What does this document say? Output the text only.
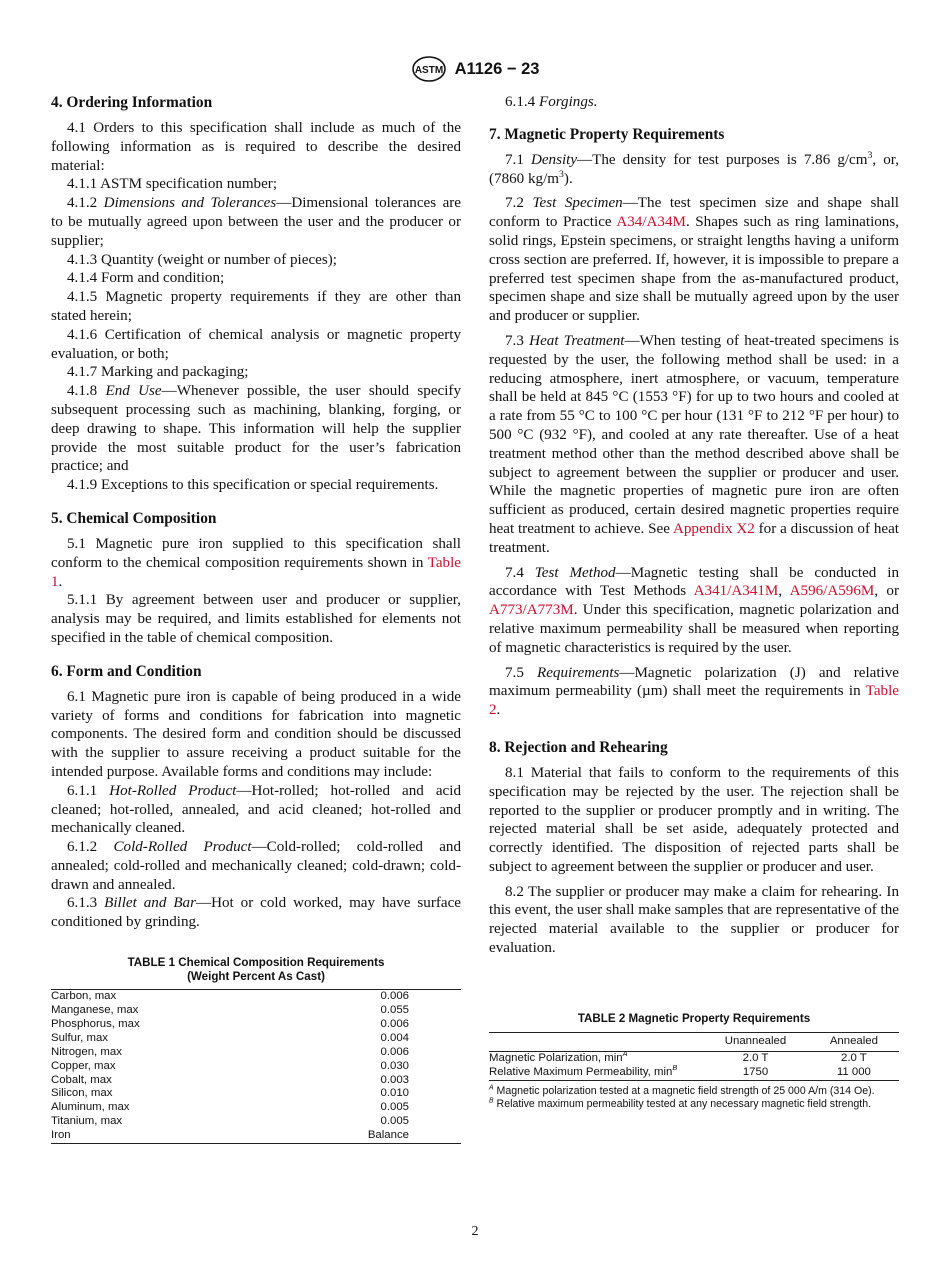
ASTM A1126 − 23
4. Ordering Information

4.1 Orders to this specification shall include as much of the following information as is required to describe the desired material:

4.1.1 ASTM specification number;

4.1.2 Dimensions and Tolerances—Dimensional tolerances are to be mutually agreed upon between the user and the producer or supplier;

4.1.3 Quantity (weight or number of pieces);

4.1.4 Form and condition;

4.1.5 Magnetic property requirements if they are other than stated herein;

4.1.6 Certification of chemical analysis or magnetic property evaluation, or both;

4.1.7 Marking and packaging;

4.1.8 End Use—Whenever possible, the user should specify subsequent processing such as machining, blanking, forging, or deep drawing to shape. This information will help the supplier provide the most suitable product for the user’s fabrication practice; and

4.1.9 Exceptions to this specification or special requirements.

5. Chemical Composition

5.1 Magnetic pure iron supplied to this specification shall conform to the chemical composition requirements shown in Table 1.

5.1.1 By agreement between user and producer or supplier, analysis may be required, and limits established for elements not specified in the table of chemical composition.

6. Form and Condition

6.1 Magnetic pure iron is capable of being produced in a wide variety of forms and conditions for fabrication into magnetic components. The desired form and condition should be discussed with the supplier to assure receiving a product suitable for the intended purpose. Available forms and conditions may include:

6.1.1 Hot-Rolled Product—Hot-rolled; hot-rolled and acid cleaned; hot-rolled, annealed, and acid cleaned; hot-rolled and mechanically cleaned.

6.1.2 Cold-Rolled Product—Cold-rolled; cold-rolled and annealed; cold-rolled and mechanically cleaned; cold-drawn; cold-drawn and annealed.

6.1.3 Billet and Bar—Hot or cold worked, may have surface conditioned by grinding.

TABLE 1 Chemical Composition Requirements
(Weight Percent As Cast)
Carbon, max	0.006
Manganese, max	0.055
Phosphorus, max	0.006
Sulfur, max	0.004
Nitrogen, max	0.006
Copper, max	0.030
Cobalt, max	0.003
Silicon, max	0.010
Aluminum, max	0.005
Titanium, max	0.005
Iron	Balance

6.1.4 Forgings.

7. Magnetic Property Requirements

7.1 Density—The density for test purposes is 7.86 $g/cm^3$, or, (7860 $kg/m^3$).

7.2 Test Specimen—The test specimen size and shape shall conform to Practice A34/A34M. Shapes such as ring laminations, solid rings, Epstein specimens, or straight lengths having a uniform cross section are preferred. If, however, it is impossible to prepare a preferred test specimen shape from the as-manufactured product, specimen shape and size shall be mutually agreed upon by the user and producer or supplier.

7.3 Heat Treatment—When testing of heat-treated specimens is requested by the user, the following method shall be used: in a reducing atmosphere, inert atmosphere, or vacuum, temperature shall be held at 845 °C (1553 °F) for up to two hours and cooled at a rate from 55 °C to 100 °C per hour (131 °F to 212 °F per hour) to 500 °C (932 °F), and cooled at any rate thereafter. Use of a heat treatment method other than the method described above shall be subject to agreement between the supplier or producer and user. While the magnetic properties of magnetic pure iron are often sufficient as produced, certain desired magnetic properties require heat treatment to achieve. See Appendix X2 for a discussion of heat treatment.

7.4 Test Method—Magnetic testing shall be conducted in accordance with Test Methods A341/A341M, A596/A596M, or A773/A773M. Under this specification, magnetic polarization and relative maximum permeability shall be measured when reporting of magnetic characteristics is required by the user.

7.5 Requirements—Magnetic polarization (J) and relative maximum permeability (µm) shall meet the requirements in Table 2.

8. Rejection and Rehearing

8.1 Material that fails to conform to the requirements of this specification may be rejected by the user. The rejection shall be reported to the supplier or producer promptly and in writing. The rejected material shall be set aside, adequately protected and correctly identified. The disposition of rejected parts shall be subject to agreement between the supplier or producer and user.

8.2 The supplier or producer may make a claim for rehearing. In this event, the user shall make samples that are representative of the rejected material available to the supplier or producer for evaluation.

TABLE 2 Magnetic Property Requirements
	Unannealed	Annealed
Magnetic Polarization, $\min^A$	2.0 T	2.0 T
Relative Maximum Permeability, $\min^B$	1750	11 000
$^A$ Magnetic polarization tested at a magnetic field strength of 25 000 A/m (314 Oe).
$^B$ Relative maximum permeability tested at any necessary magnetic field strength.
2
